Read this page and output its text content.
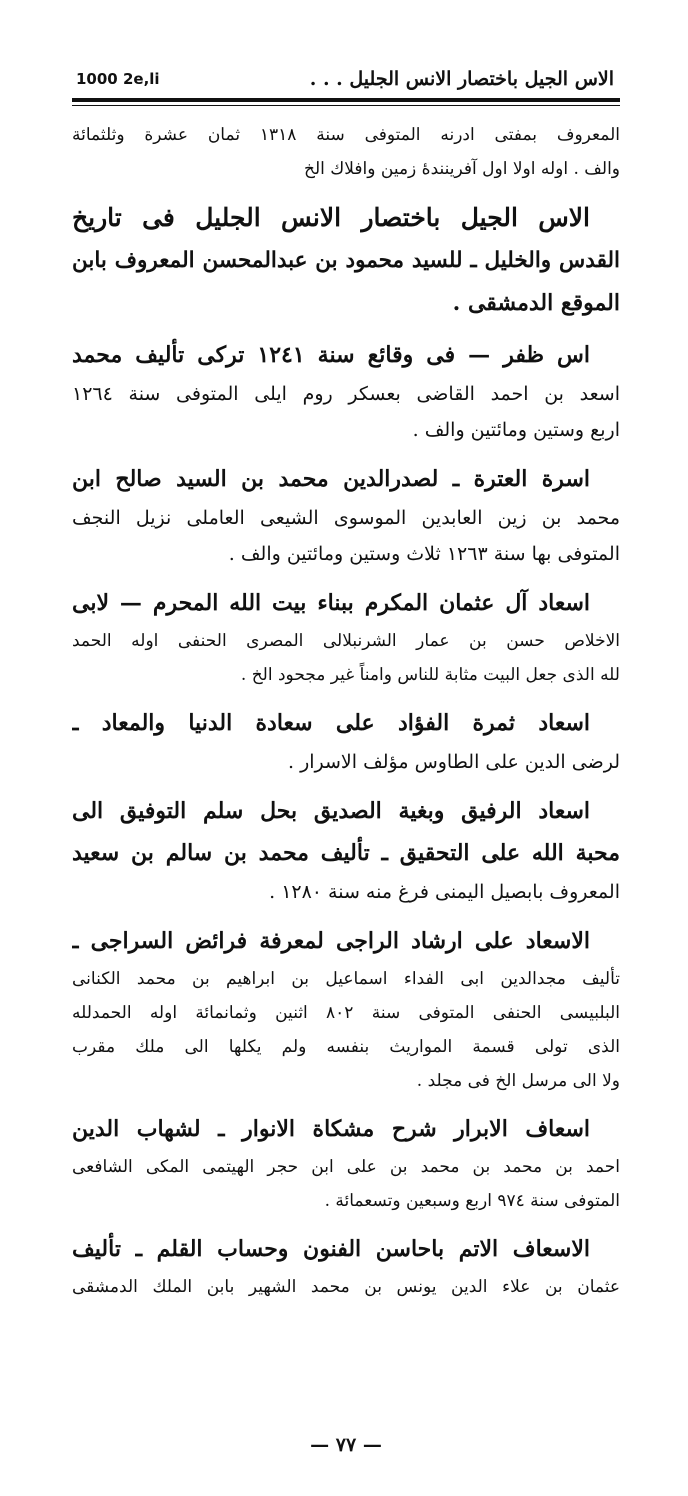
الاس الجيل باختصار الانس الجليل . . .
1000 2e,li
المعروف بمفتى ادرنه المتوفى سنة ١٣١٨ ثمان عشرة وثلثمائة
والف . اوله اولا اول آفرينندهٔ زمين وافلاك الخ
الاس الجيل باختصار الانس الجليل فى تاريخ
القدس والخليل ـ للسيد محمود بن عبدالمحسن المعروف بابن
الموقع الدمشقى .
اس ظفر — فى وقائع سنة ١٢٤١ تركى تأليف محمد
اسعد بن احمد القاضى بعسكر روم ايلى المتوفى سنة ١٢٦٤
اربع وستين ومائتين والف .
اسرة العترة ـ لصدرالدين محمد بن السيد صالح ابن
محمد بن زين العابدين الموسوى الشيعى العاملى نزيل النجف
المتوفى بها سنة ١٢٦٣ ثلاث وستين ومائتين والف .
اسعاد آل عثمان المكرم ببناء بيت الله المحرم — لابى
الاخلاص حسن بن عمار الشرنبلالى المصرى الحنفى اوله الحمد
لله الذى جعل البيت مثابة للناس وامناً غير مجحود الخ .
اسعاد ثمرة الفؤاد على سعادة الدنيا والمعاد ـ
لرضى الدين على الطاوس مؤلف الاسرار .
اسعاد الرفيق وبغية الصديق بحل سلم التوفيق الى
محبة الله على التحقيق ـ تأليف محمد بن سالم بن سعيد
المعروف بابصيل اليمنى فرغ منه سنة ١٢٨٠ .
الاسعاد على ارشاد الراجى لمعرفة فرائض السراجى ـ
تأليف مجدالدين ابى الفداء اسماعيل بن ابراهيم بن محمد الكنانى
البلبيسى الحنفى المتوفى سنة ٨٠٢ اثنين وثمانمائة اوله الحمدلله
الذى تولى قسمة المواريث بنفسه ولم يكلها الى ملك مقرب
ولا الى مرسل الخ فى مجلد .
اسعاف الابرار شرح مشكاة الانوار ـ لشهاب الدين
احمد بن محمد بن محمد بن على ابن حجر الهيتمى المكى الشافعى
المتوفى سنة ٩٧٤ اربع وسبعين وتسعمائة .
الاسعاف الاتم باحاسن الفنون وحساب القلم ـ تأليف
عثمان بن علاء الدين يونس بن محمد الشهير بابن الملك الدمشقى
— ٧٧ —
